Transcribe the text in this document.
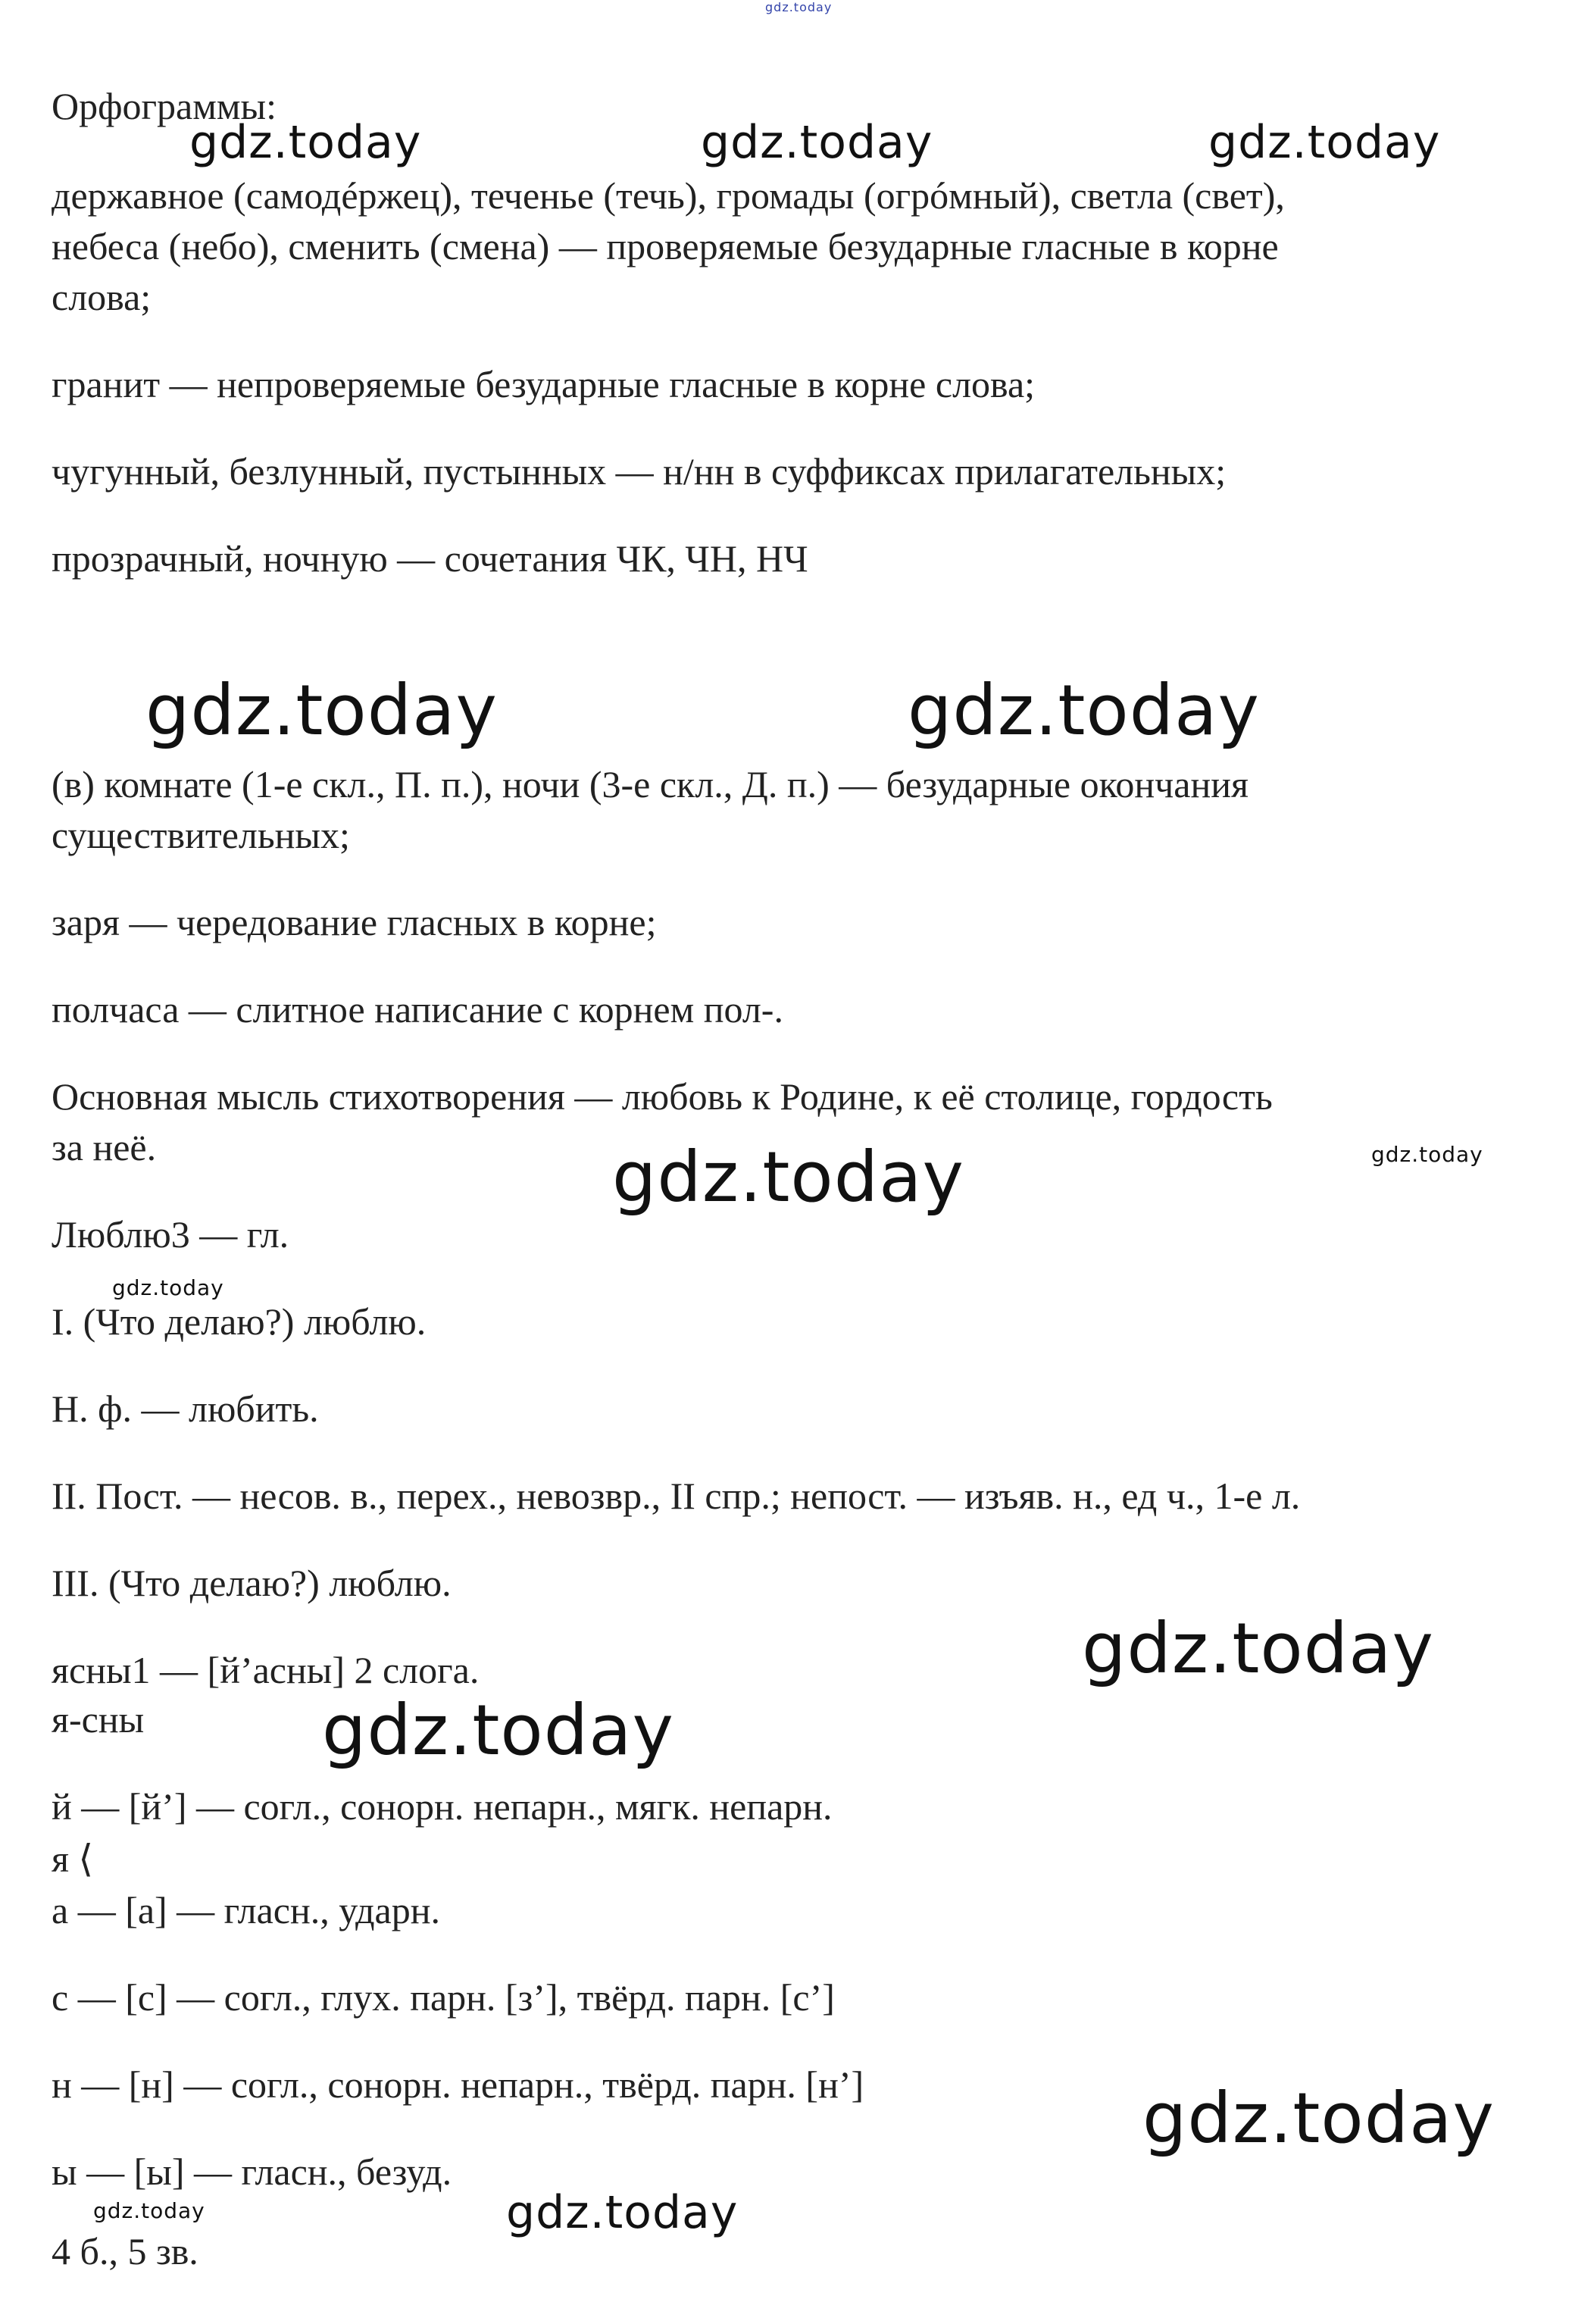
gdz.today
gdz.today	gdz.today	gdz.today
gdz.today	gdz.today
gdz.today	gdz.today
gdz.today
gdz.today
gdz.today
gdz.today
gdz.today	gdz.today

Орфограммы:

державное (самодéржец), теченье (течь), громады (огрóмный), светла (свет),

небеса (небо), сменить (смена) — проверяемые безударные гласные в корне

слова;

гранит — непроверяемые безударные гласные в корне слова;

чугунный, безлунный, пустынных — н/нн в суффиксах прилагательных;

прозрачный, ночную — сочетания ЧК, ЧН, НЧ

(в) комнате (1-е скл., П. п.), ночи (3-е скл., Д. п.) — безударные окончания

существительных;

заря — чередование гласных в корне;

полчаса — слитное написание с корнем пол-.

Основная мысль стихотворения — любовь к Родине, к её столице, гордость

за неё.

Люблю3 — гл.

I. (Что делаю?) люблю.

Н. ф. — любить.

II. Пост. — несов. в., перех., невозвр., II спр.; непост. — изъяв. н., ед ч., 1-е л.

III. (Что делаю?) люблю.

ясны1 — [й’асны] 2 слога.

я-сны

й — [й’] — согл., сонорн. непарн., мягк. непарн.

я ⟨

а — [а] — гласн., ударн.

с — [с] — согл., глух. парн. [з’], твёрд. парн. [с’]

н — [н] — согл., сонорн. непарн., твёрд. парн. [н’]

ы — [ы] — гласн., безуд.

4 б., 5 зв.
